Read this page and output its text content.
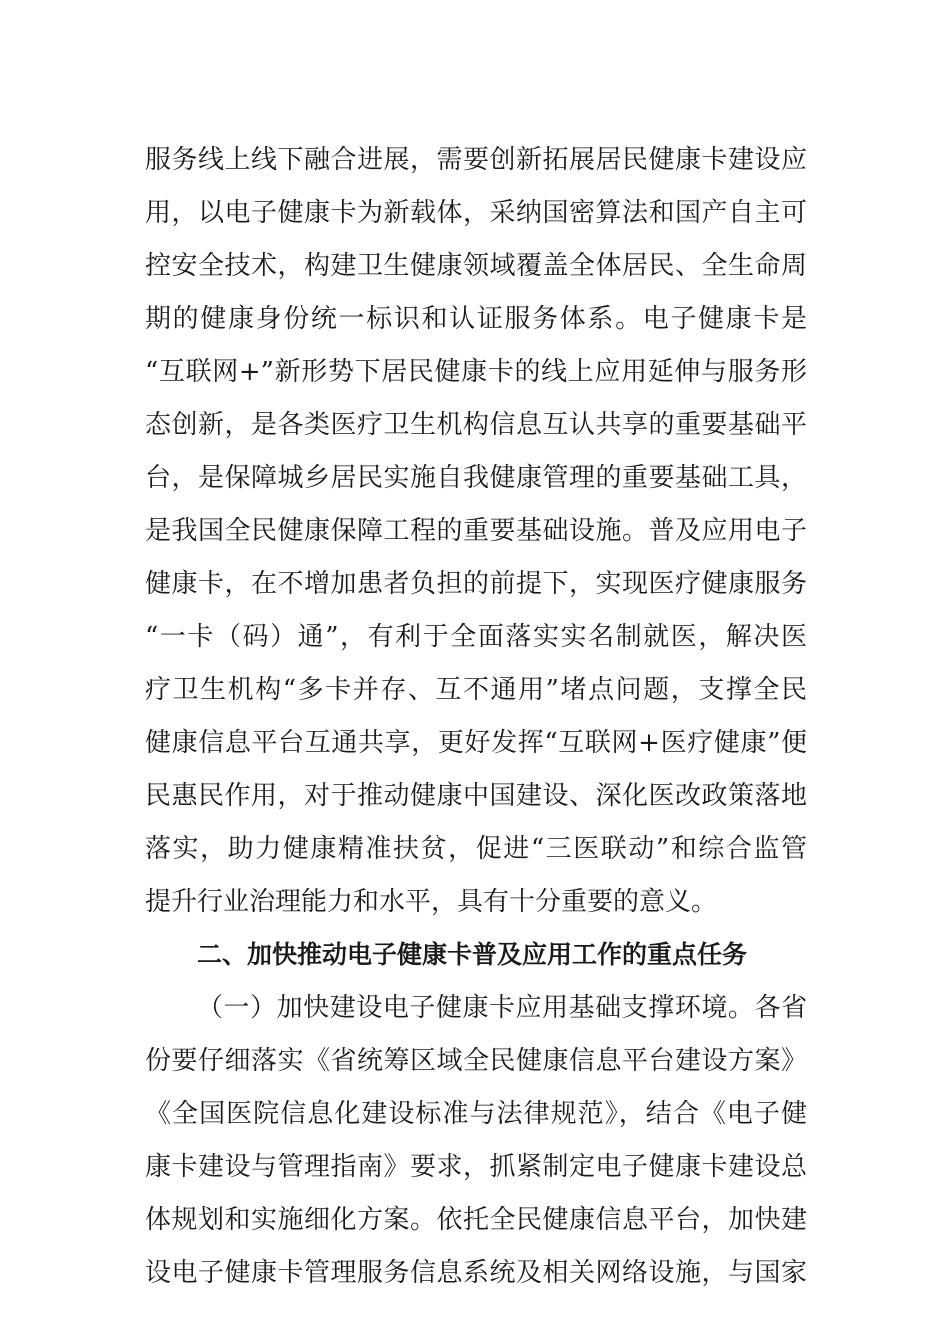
服务线上线下融合进展，需要创新拓展居民健康卡建设应
用，以电子健康卡为新载体，采纳国密算法和国产自主可
控安全技术，构建卫生健康领域覆盖全体居民、全生命周
期的健康身份统一标识和认证服务体系。电子健康卡是
“互联网+”新形势下居民健康卡的线上应用延伸与服务形
态创新，是各类医疗卫生机构信息互认共享的重要基础平
台，是保障城乡居民实施自我健康管理的重要基础工具，
是我国全民健康保障工程的重要基础设施。普及应用电子
健康卡，在不增加患者负担的前提下，实现医疗健康服务
“一卡（码）通”，有利于全面落实实名制就医，解决医
疗卫生机构“多卡并存、互不通用”堵点问题，支撑全民
健康信息平台互通共享，更好发挥“互联网+医疗健康”便
民惠民作用，对于推动健康中国建设、深化医改政策落地
落实，助力健康精准扶贫，促进“三医联动”和综合监管
提升行业治理能力和水平，具有十分重要的意义。
二、加快推动电子健康卡普及应用工作的重点任务
（一）加快建设电子健康卡应用基础支撑环境。各省
份要仔细落实《省统筹区域全民健康信息平台建设方案》
《全国医院信息化建设标准与法律规范》，结合《电子健
康卡建设与管理指南》要求，抓紧制定电子健康卡建设总
体规划和实施细化方案。依托全民健康信息平台，加快建
设电子健康卡管理服务信息系统及相关网络设施，与国家
